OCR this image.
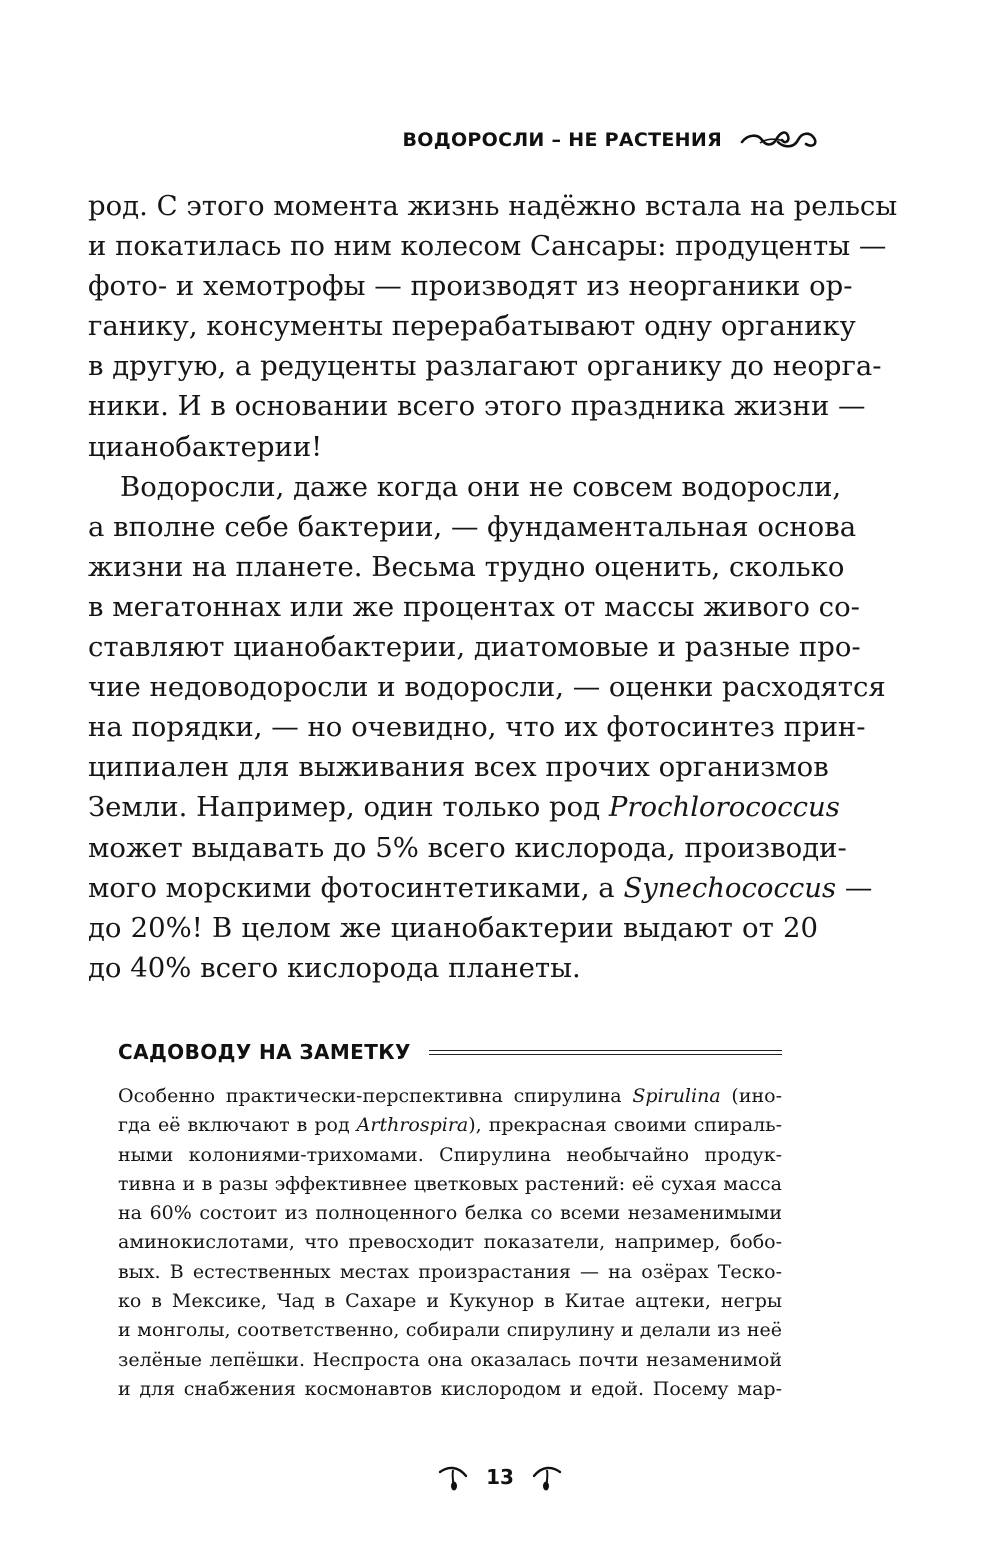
ВОДОРОСЛИ – НЕ РАСТЕНИЯ

род. С этого момента жизнь надёжно встала на рельсы
и покатилась по ним колесом Сансары: продуценты —
фото- и хемотрофы — производят из неорганики ор-
ганику, консументы перерабатывают одну органику
в другую, а редуценты разлагают органику до неорга-
ники. И в основании всего этого праздника жизни —
цианобактерии!

Водоросли, даже когда они не совсем водоросли,
а вполне себе бактерии, — фундаментальная основа
жизни на планете. Весьма трудно оценить, сколько
в мегатоннах или же процентах от массы живого со-
ставляют цианобактерии, диатомовые и разные про-
чие недоводоросли и водоросли, — оценки расходятся
на порядки, — но очевидно, что их фотосинтез прин-
ципиален для выживания всех прочих организмов
Земли. Например, один только род Prochlorococcus
может выдавать до 5% всего кислорода, производи-
мого морскими фотосинтетиками, а Synechococcus —
до 20%! В целом же цианобактерии выдают от 20
до 40% всего кислорода планеты.

САДОВОДУ НА ЗАМЕТКУ

Особенно практически-перспективна спирулина Spirulina (ино-
гда её включают в род Arthrospira), прекрасная своими спираль-
ными колониями-трихомами. Спирулина необычайно продук-
тивна и в разы эффективнее цветковых растений: её сухая масса
на 60% состоит из полноценного белка со всеми незаменимыми
аминокислотами, что превосходит показатели, например, бобо-
вых. В естественных местах произрастания — на озёрах Теско-
ко в Мексике, Чад в Сахаре и Кукунор в Китае ацтеки, негры
и монголы, соответственно, собирали спирулину и делали из неё
зелёные лепёшки. Неспроста она оказалась почти незаменимой
и для снабжения космонавтов кислородом и едой. Посему мар-

13
